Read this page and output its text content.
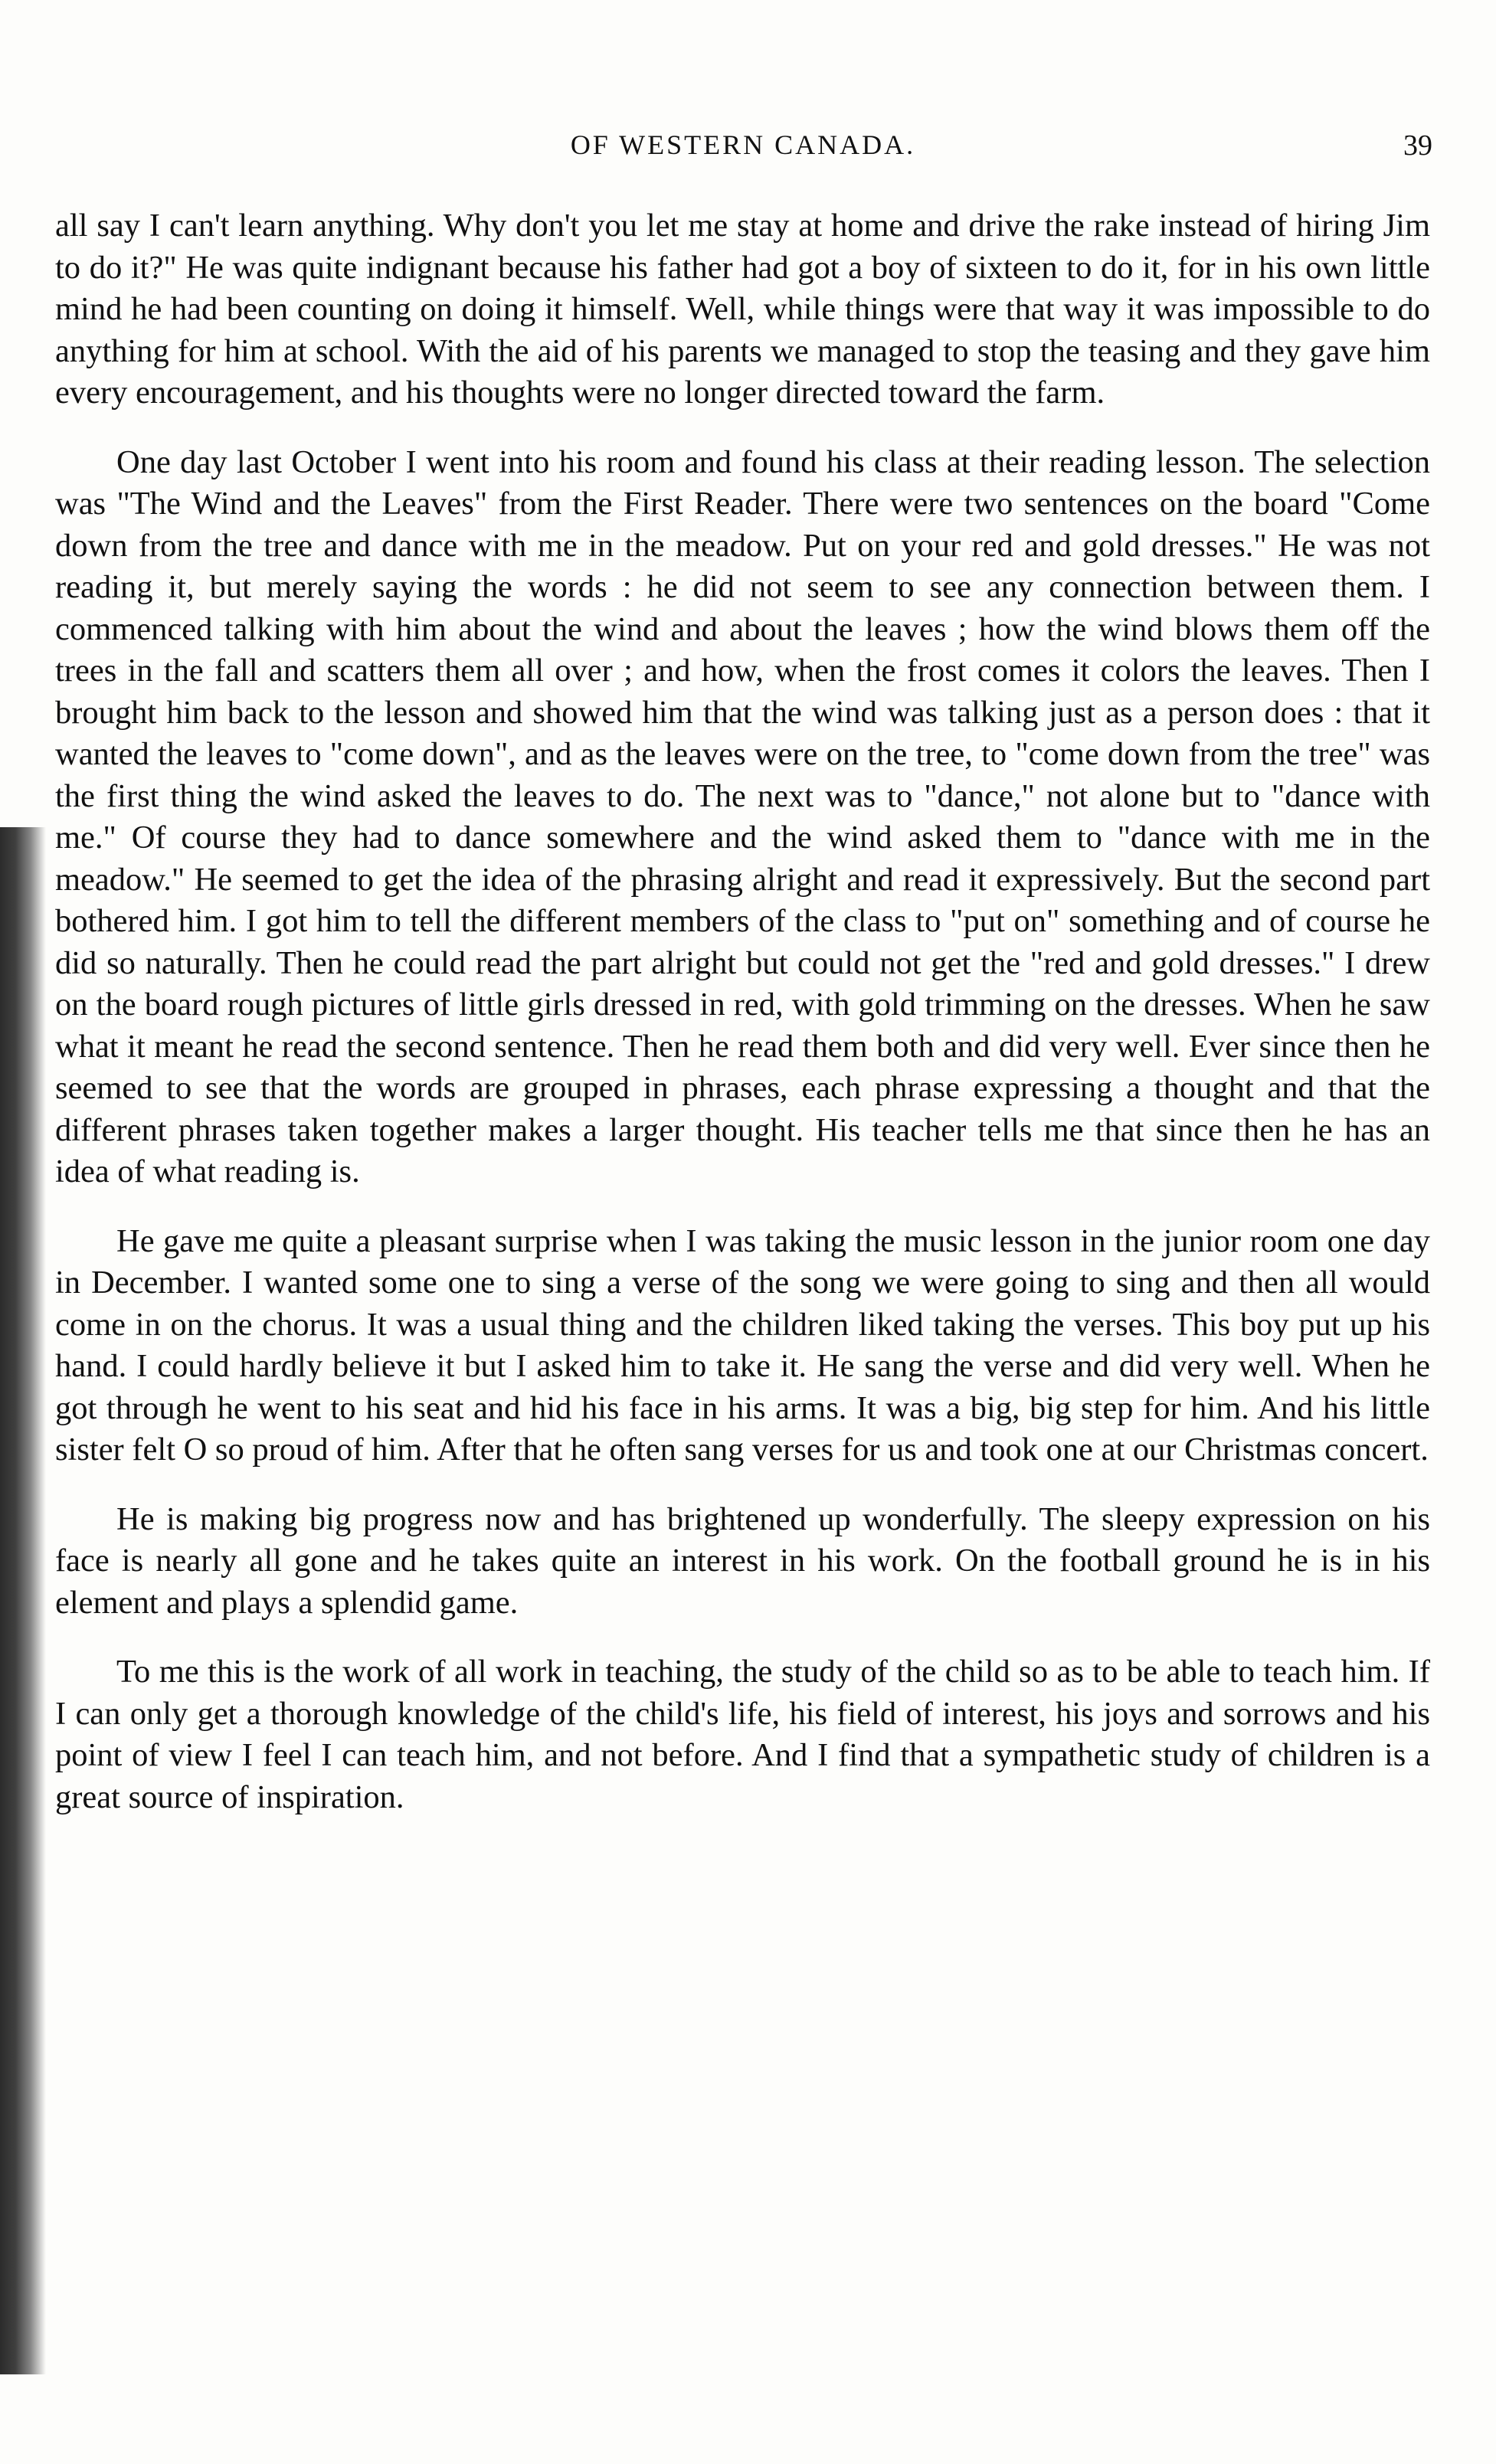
OF WESTERN CANADA.	39

all say I can't learn anything. Why don't you let me stay at home and drive the rake instead of hiring Jim to do it?" He was quite indignant because his father had got a boy of sixteen to do it, for in his own little mind he had been counting on doing it himself. Well, while things were that way it was impossible to do anything for him at school. With the aid of his parents we managed to stop the teasing and they gave him every encouragement, and his thoughts were no longer directed toward the farm.

One day last October I went into his room and found his class at their reading lesson. The selection was "The Wind and the Leaves" from the First Reader. There were two sentences on the board "Come down from the tree and dance with me in the meadow. Put on your red and gold dresses." He was not reading it, but merely saying the words : he did not seem to see any connection between them. I commenced talking with him about the wind and about the leaves ; how the wind blows them off the trees in the fall and scatters them all over ; and how, when the frost comes it colors the leaves. Then I brought him back to the lesson and showed him that the wind was talking just as a person does : that it wanted the leaves to "come down", and as the leaves were on the tree, to "come down from the tree" was the first thing the wind asked the leaves to do. The next was to "dance," not alone but to "dance with me." Of course they had to dance somewhere and the wind asked them to "dance with me in the meadow." He seemed to get the idea of the phrasing alright and read it expressively. But the second part bothered him. I got him to tell the different members of the class to "put on" something and of course he did so naturally. Then he could read the part alright but could not get the "red and gold dresses." I drew on the board rough pictures of little girls dressed in red, with gold trimming on the dresses. When he saw what it meant he read the second sentence. Then he read them both and did very well. Ever since then he seemed to see that the words are grouped in phrases, each phrase expressing a thought and that the different phrases taken together makes a larger thought. His teacher tells me that since then he has an idea of what reading is.

He gave me quite a pleasant surprise when I was taking the music lesson in the junior room one day in December. I wanted some one to sing a verse of the song we were going to sing and then all would come in on the chorus. It was a usual thing and the children liked taking the verses. This boy put up his hand. I could hardly believe it but I asked him to take it. He sang the verse and did very well. When he got through he went to his seat and hid his face in his arms. It was a big, big step for him. And his little sister felt O so proud of him. After that he often sang verses for us and took one at our Christmas concert.

He is making big progress now and has brightened up wonderfully. The sleepy expression on his face is nearly all gone and he takes quite an interest in his work. On the football ground he is in his element and plays a splendid game.

To me this is the work of all work in teaching, the study of the child so as to be able to teach him. If I can only get a thorough knowledge of the child's life, his field of interest, his joys and sorrows and his point of view I feel I can teach him, and not before. And I find that a sympathetic study of children is a great source of inspiration.
